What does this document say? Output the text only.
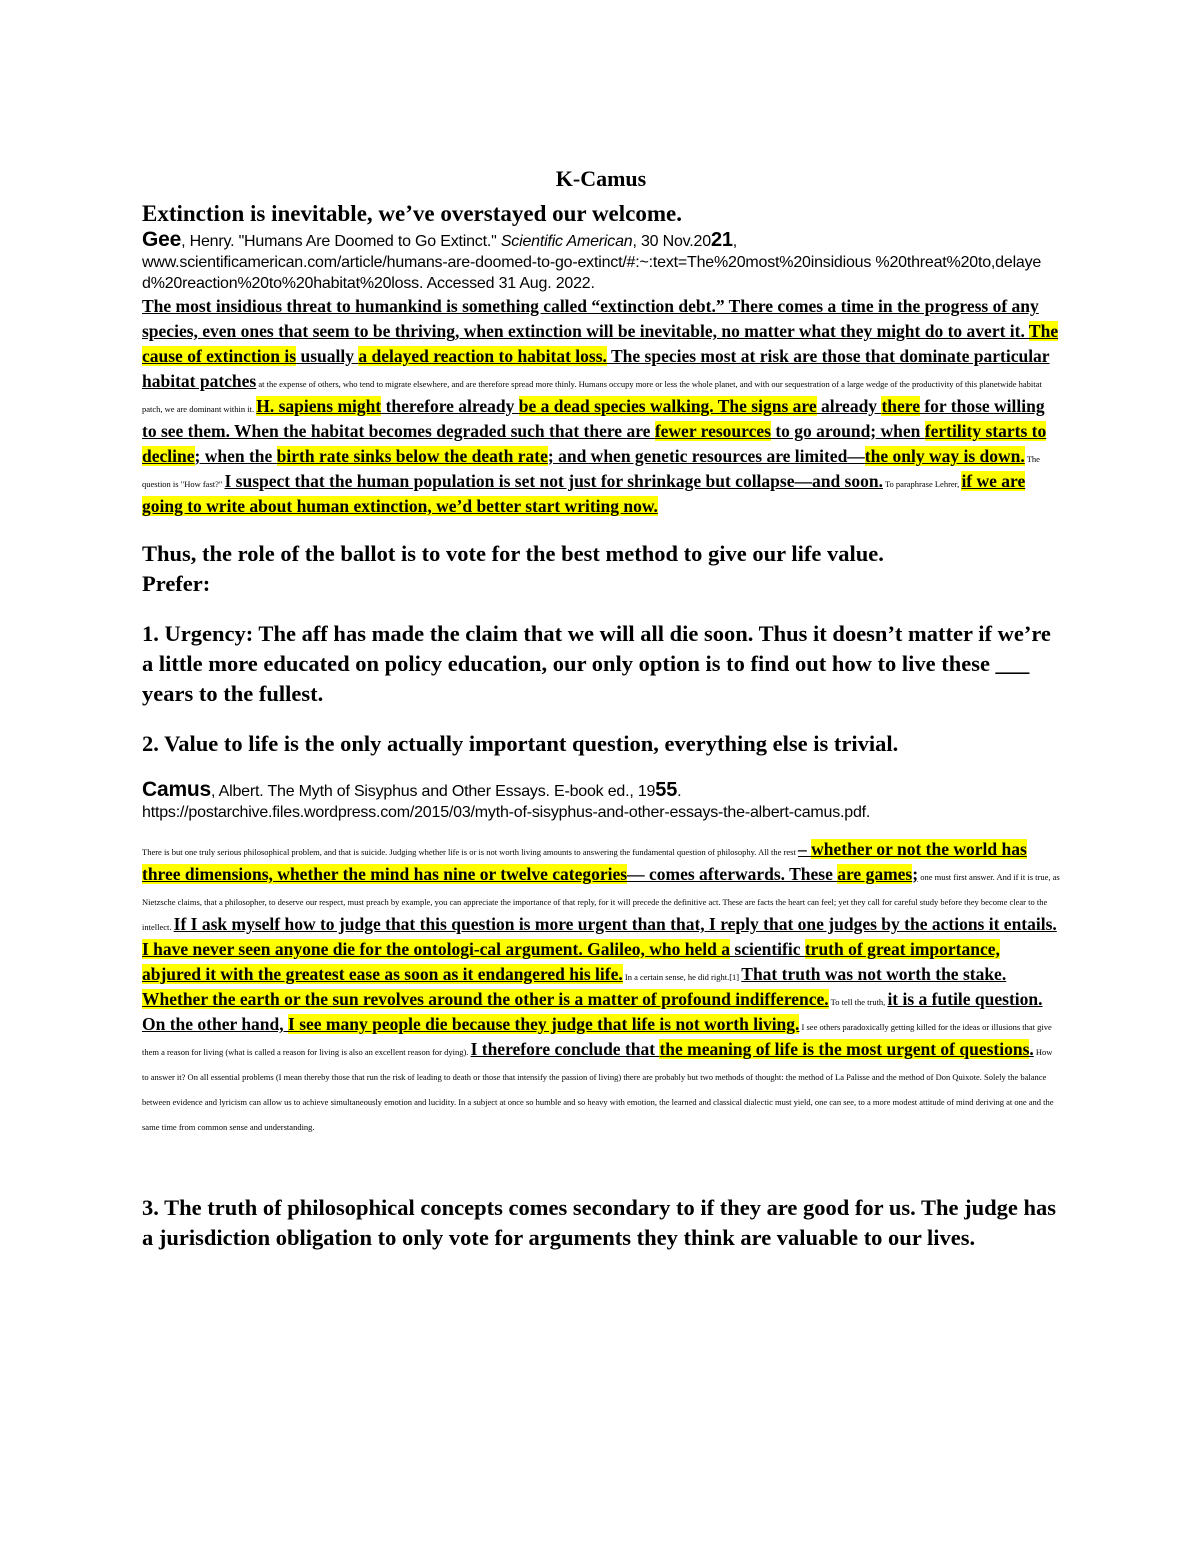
K-Camus

Extinction is inevitable, we’ve overstayed our welcome.

Gee, Henry. "Humans Are Doomed to Go Extinct." Scientific American, 30 Nov.2021,
www.scientificamerican.com/article/humans-are-doomed-to-go-extinct/#:~:text=The%20most%20insidious %20threat%20to,delayed%20reaction%20to%20habitat%20loss. Accessed 31 Aug. 2022.

The most insidious threat to humankind is something called “extinction debt.” There comes a time in the progress of any species, even ones that seem to be thriving, when extinction will be inevitable, no matter what they might do to avert it. The cause of extinction is usually a delayed reaction to habitat loss. The species most at risk are those that dominate particular habitat patches at the expense of others, who tend to migrate elsewhere, and are therefore spread more thinly. Humans occupy more or less the whole planet, and with our sequestration of a large wedge of the productivity of this planetwide habitat patch, we are dominant within it. H. sapiens might therefore already be a dead species walking. The signs are already there for those willing to see them. When the habitat becomes degraded such that there are fewer resources to go around; when fertility starts to decline; when the birth rate sinks below the death rate; and when genetic resources are limited—the only way is down. The question is "How fast?" I suspect that the human population is set not just for shrinkage but collapse—and soon. To paraphrase Lehrer, if we are going to write about human extinction, we’d better start writing now.

Thus, the role of the ballot is to vote for the best method to give our life value.

Prefer:

1. Urgency: The aff has made the claim that we will all die soon. Thus it doesn’t matter if we’re a little more educated on policy education, our only option is to find out how to live these ___ years to the fullest.

2. Value to life is the only actually important question, everything else is trivial.

Camus, Albert. The Myth of Sisyphus and Other Essays. E-book ed., 1955.
https://postarchive.files.wordpress.com/2015/03/myth-of-sisyphus-and-other-essays-the-albert-camus.pdf.

There is but one truly serious philosophical problem, and that is suicide. Judging whether life is or is not worth living amounts to answering the fundamental question of philosophy. All the rest – whether or not the world has three dimensions, whether the mind has nine or twelve categories— comes afterwards. These are games; one must first answer. And if it is true, as Nietzsche claims, that a philosopher, to deserve our respect, must preach by example, you can appreciate the importance of that reply, for it will precede the definitive act. These are facts the heart can feel; yet they call for careful study before they become clear to the intellect. If I ask myself how to judge that this question is more urgent than that, I reply that one judges by the actions it entails. I have never seen anyone die for the ontologi-cal argument. Galileo, who held a scientific truth of great importance, abjured it with the greatest ease as soon as it endangered his life. In a certain sense, he did right.[1] That truth was not worth the stake. Whether the earth or the sun revolves around the other is a matter of profound indifference. To tell the truth, it is a futile question. On the other hand, I see many people die because they judge that life is not worth living. I see others paradoxically getting killed for the ideas or illusions that give them a reason for living (what is called a reason for living is also an excellent reason for dying). I therefore conclude that the meaning of life is the most urgent of questions. How to answer it? On all essential problems (I mean thereby those that run the risk of leading to death or those that intensify the passion of living) there are probably but two methods of thought: the method of La Palisse and the method of Don Quixote. Solely the balance between evidence and lyricism can allow us to achieve simultaneously emotion and lucidity. In a subject at once so humble and so heavy with emotion, the learned and classical dialectic must yield, one can see, to a more modest attitude of mind deriving at one and the same time from common sense and understanding.

3. The truth of philosophical concepts comes secondary to if they are good for us. The judge has a jurisdiction obligation to only vote for arguments they think are valuable to our lives.
